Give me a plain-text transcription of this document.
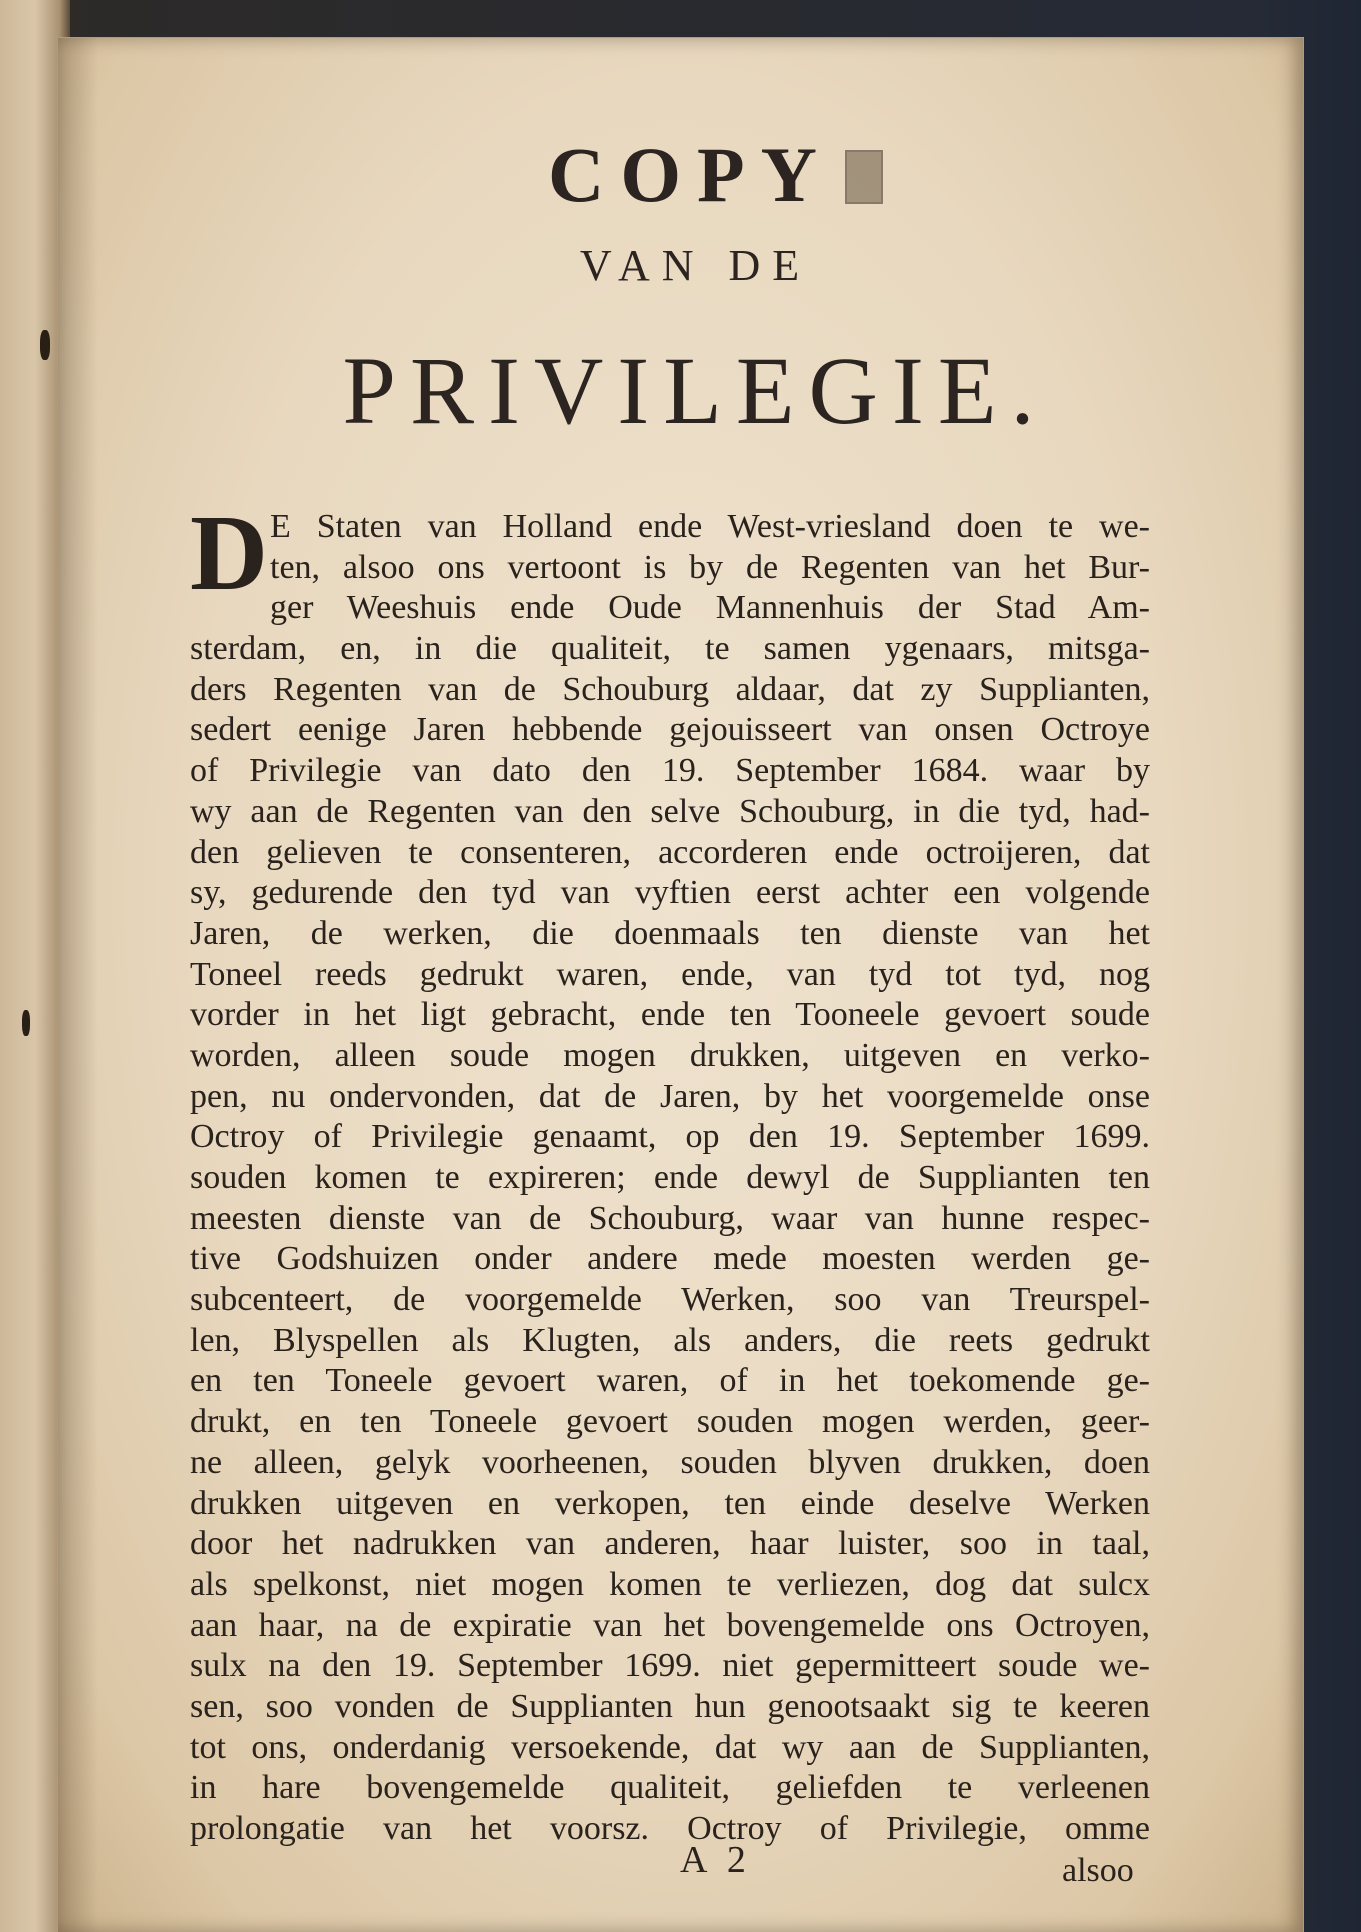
COPY
VAN DE
PRIVILEGIE.
D E Staten van Holland ende West-vriesland doen te we-
ten, alsoo ons vertoont is by de Regenten van het Bur-
ger Weeshuis ende Oude Mannenhuis der Stad Am-
sterdam, en, in die qualiteit, te samen ygenaars, mitsga-
ders Regenten van de Schouburg aldaar, dat zy Supplianten,
sedert eenige Jaren hebbende gejouisseert van onsen Octroye
of Privilegie van dato den 19. September 1684. waar by
wy aan de Regenten van den selve Schouburg, in die tyd, had-
den gelieven te consenteren, accorderen ende octroijeren, dat
sy, gedurende den tyd van vyftien eerst achter een volgende
Jaren, de werken, die doenmaals ten dienste van het
Toneel reeds gedrukt waren, ende, van tyd tot tyd, nog
vorder in het ligt gebracht, ende ten Tooneele gevoert soude
worden, alleen soude mogen drukken, uitgeven en verko-
pen, nu ondervonden, dat de Jaren, by het voorgemelde onse
Octroy of Privilegie genaamt, op den 19. September 1699.
souden komen te expireren; ende dewyl de Supplianten ten
meesten dienste van de Schouburg, waar van hunne respec-
tive Godshuizen onder andere mede moesten werden ge-
subcenteert, de voorgemelde Werken, soo van Treurspel-
len, Blyspellen als Klugten, als anders, die reets gedrukt
en ten Toneele gevoert waren, of in het toekomende ge-
drukt, en ten Toneele gevoert souden mogen werden, geer-
ne alleen, gelyk voorheenen, souden blyven drukken, doen
drukken uitgeven en verkopen, ten einde deselve Werken
door het nadrukken van anderen, haar luister, soo in taal,
als spelkonst, niet mogen komen te verliezen, dog dat sulcx
aan haar, na de expiratie van het bovengemelde ons Octroyen,
sulx na den 19. September 1699. niet gepermitteert soude we-
sen, soo vonden de Supplianten hun genootsaakt sig te keeren
tot ons, onderdanig versoekende, dat wy aan de Supplianten,
in hare bovengemelde qualiteit, geliefden te verleenen
prolongatie van het voorsz. Octroy of Privilegie, omme
A 2	alsoo
